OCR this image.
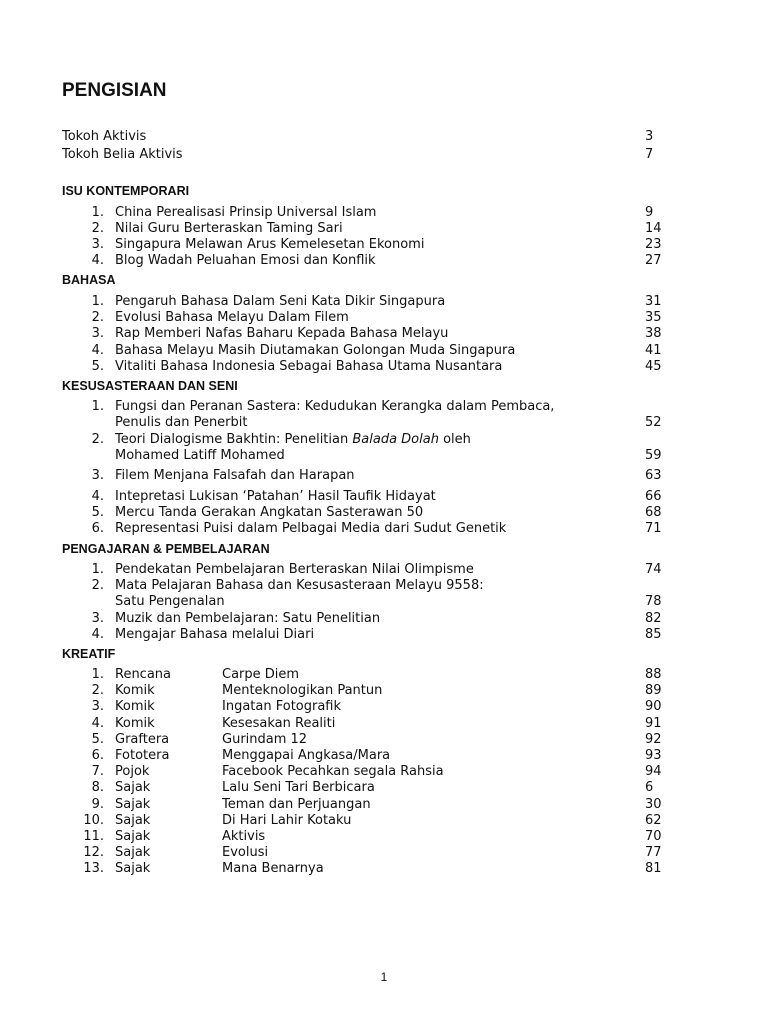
PENGISIAN
Tokoh Aktivis	3
Tokoh Belia Aktivis	7
ISU KONTEMPORARI
1. China Perealisasi Prinsip Universal Islam	9
2. Nilai Guru Berteraskan Taming Sari	14
3. Singapura Melawan Arus Kemelesetan Ekonomi	23
4. Blog Wadah Peluahan Emosi dan Konflik	27
BAHASA
1. Pengaruh Bahasa Dalam Seni Kata Dikir Singapura	31
2. Evolusi Bahasa Melayu Dalam Filem	35
3. Rap Memberi Nafas Baharu Kepada Bahasa Melayu	38
4. Bahasa Melayu Masih Diutamakan Golongan Muda Singapura	41
5. Vitaliti Bahasa Indonesia Sebagai Bahasa Utama Nusantara	45
KESUSASTERAAN DAN SENI
1. Fungsi dan Peranan Sastera: Kedudukan Kerangka dalam Pembaca,
Penulis dan Penerbit	52
2. Teori Dialogisme Bakhtin: Penelitian Balada Dolah oleh
Mohamed Latiff Mohamed	59
3. Filem Menjana Falsafah dan Harapan	63
4. Intepretasi Lukisan ‘Patahan’ Hasil Taufik Hidayat	66
5. Mercu Tanda Gerakan Angkatan Sasterawan 50	68
6. Representasi Puisi dalam Pelbagai Media dari Sudut Genetik	71
PENGAJARAN & PEMBELAJARAN
1. Pendekatan Pembelajaran Berteraskan Nilai Olimpisme	74
2. Mata Pelajaran Bahasa dan Kesusasteraan Melayu 9558:
Satu Pengenalan	78
3. Muzik dan Pembelajaran: Satu Penelitian	82
4. Mengajar Bahasa melalui Diari	85
KREATIF
1. Rencana	Carpe Diem	88
2. Komik	Menteknologikan Pantun	89
3. Komik	Ingatan Fotografik	90
4. Komik	Kesesakan Realiti	91
5. Graftera	Gurindam 12	92
6. Fototera	Menggapai Angkasa/Mara	93
7. Pojok	Facebook Pecahkan segala Rahsia	94
8. Sajak	Lalu Seni Tari Berbicara	6
9. Sajak	Teman dan Perjuangan	30
10. Sajak	Di Hari Lahir Kotaku	62
11. Sajak	Aktivis	70
12. Sajak	Evolusi	77
13. Sajak	Mana Benarnya	81
1
